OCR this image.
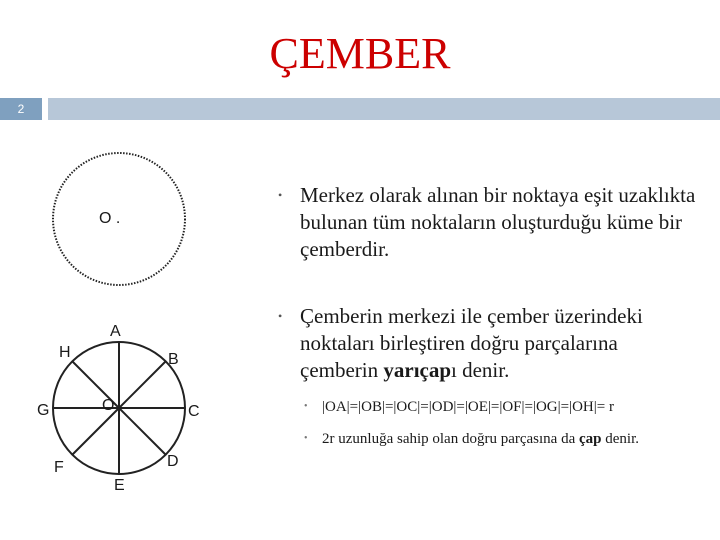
ÇEMBER
2
O .
O
A
B
C
D
E
F
G
H
• Merkez olarak alınan bir noktaya eşit uzaklıkta bulunan tüm noktaların oluşturduğu küme bir çemberdir.
• Çemberin merkezi ile çember üzerindeki noktaları birleştiren doğru parçalarına çemberin yarıçapı denir.
• |OA|=|OB|=|OC|=|OD|=|OE|=|OF|=|OG|=|OH|= r
• 2r uzunluğa sahip olan doğru parçasına da çap denir.
